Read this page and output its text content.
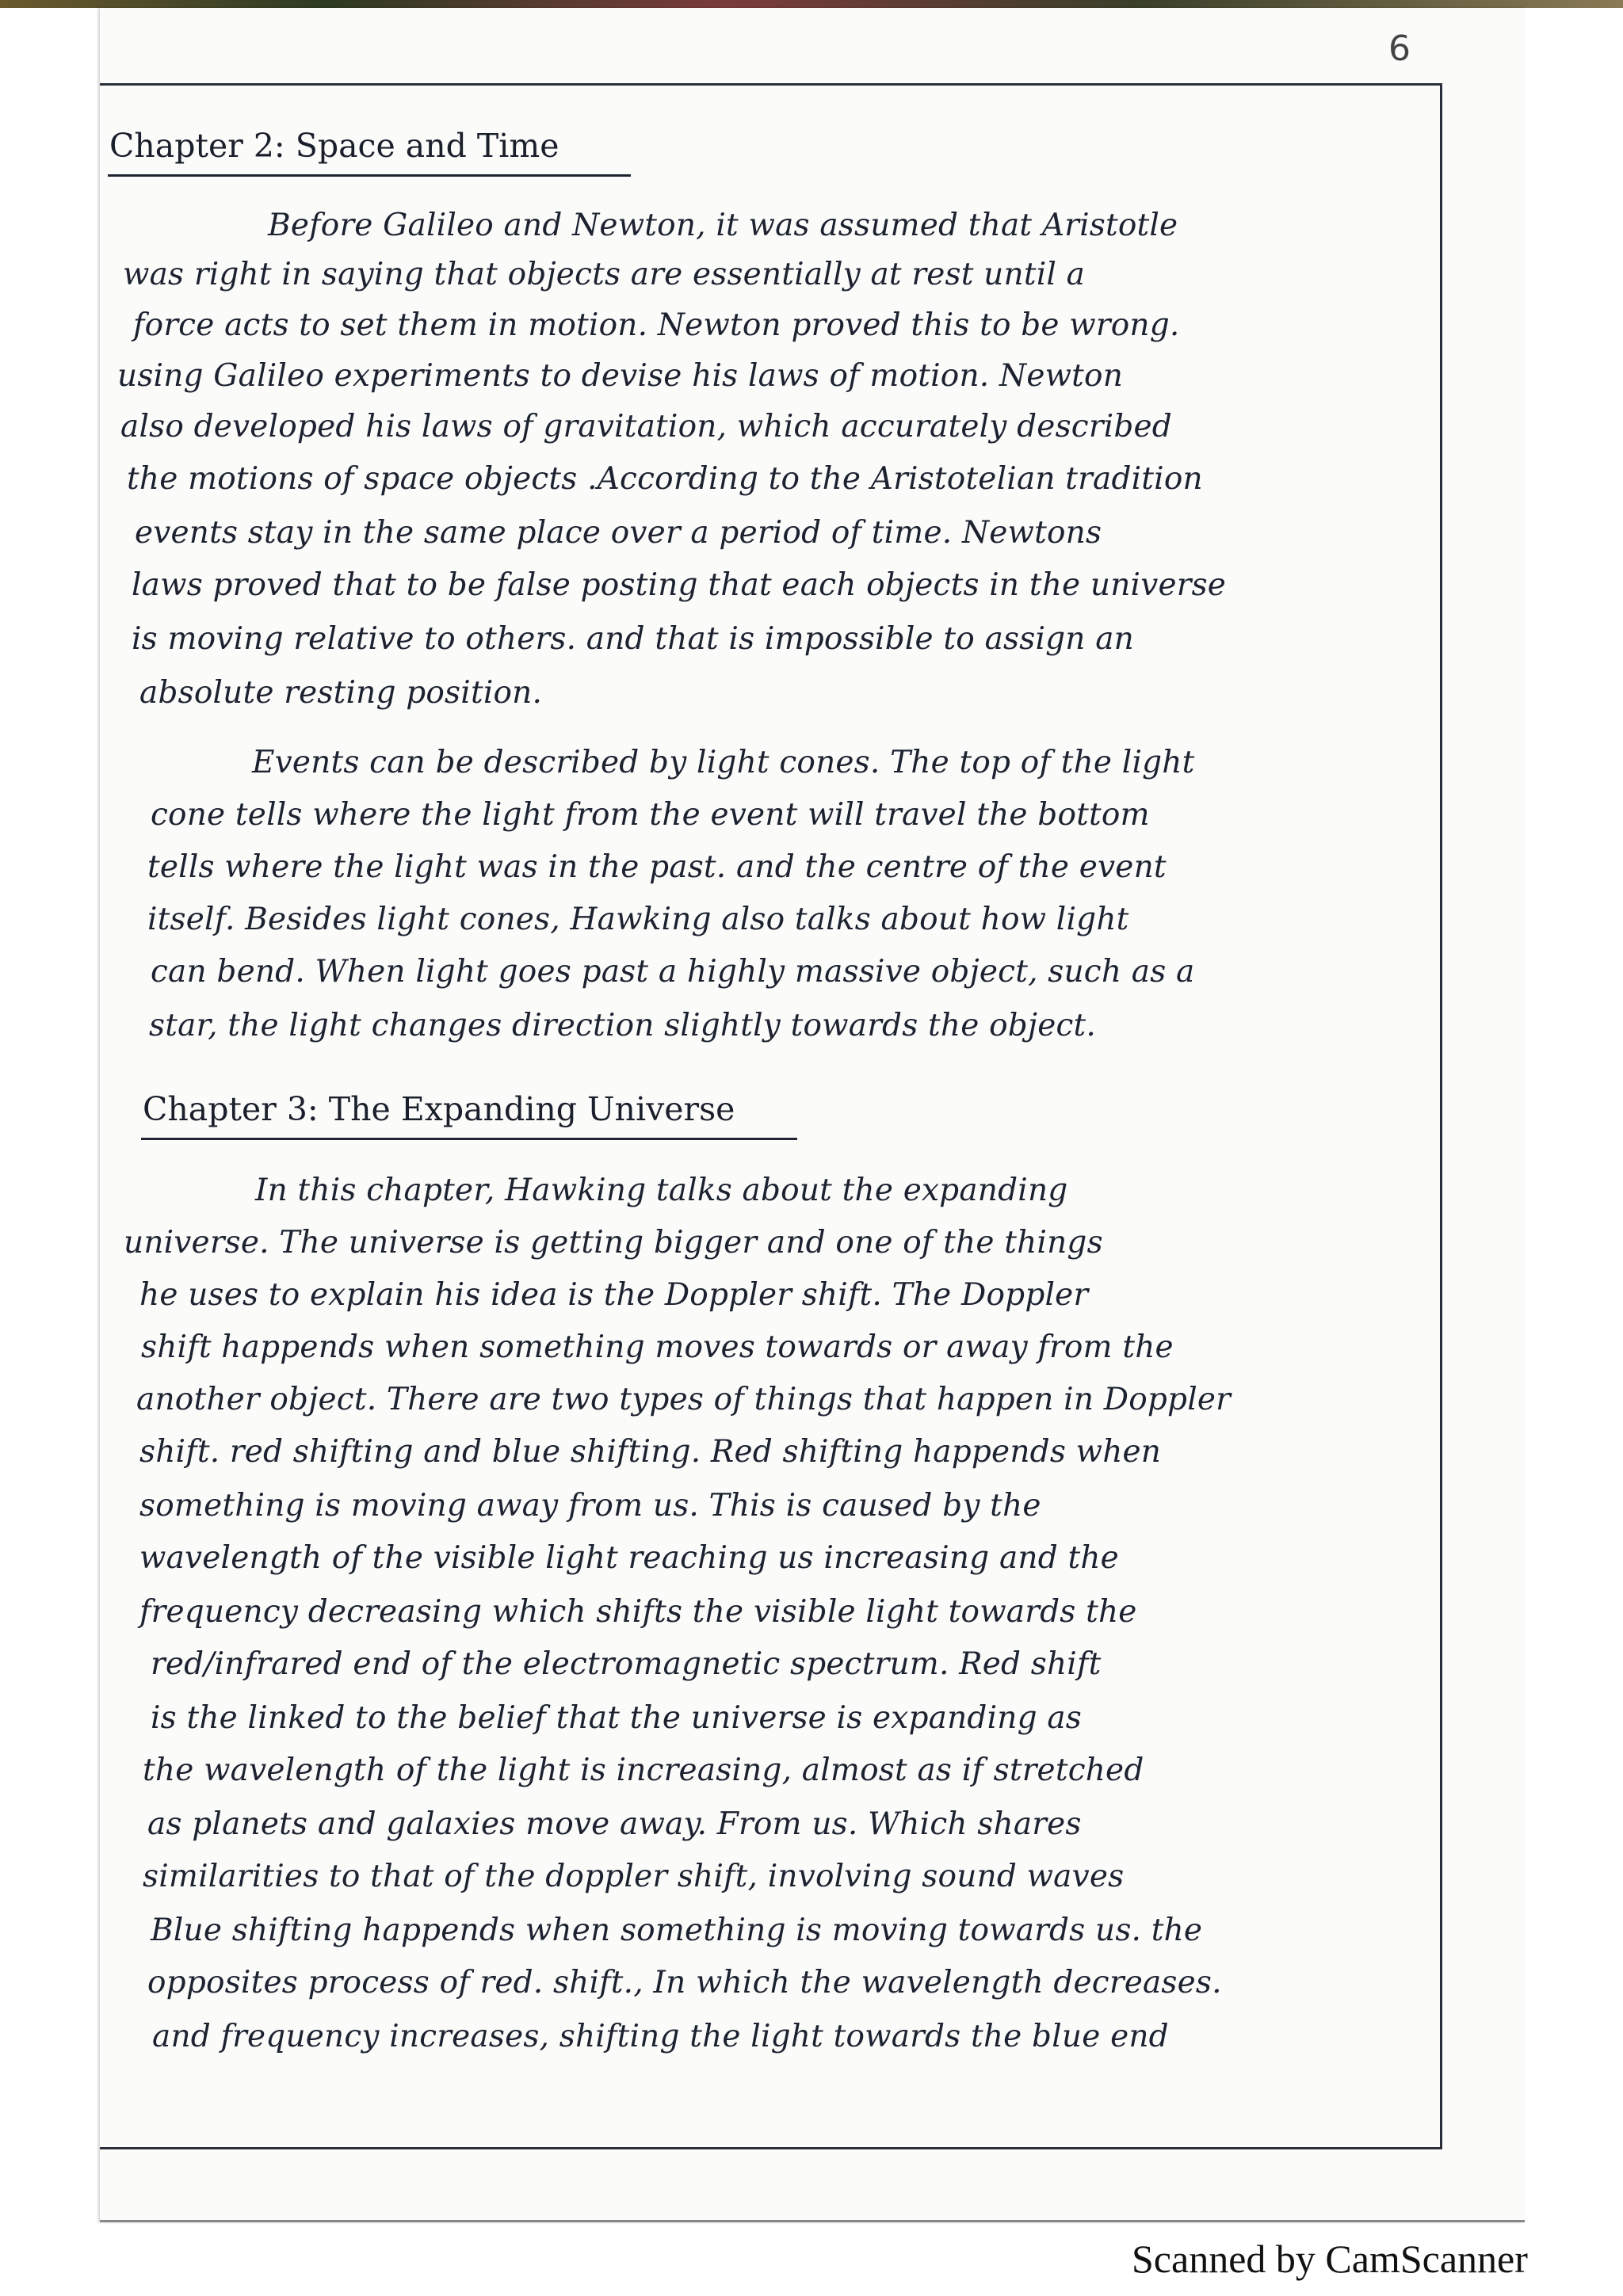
6
Chapter 2: Space and Time
Before Galileo and Newton, it was assumed that Aristotle
was right in saying that objects are essentially at rest until a
force acts to set them in motion. Newton proved this to be wrong.
using Galileo experiments to devise his laws of motion. Newton
also developed his laws of gravitation, which accurately described
the motions of space objects .According to the Aristotelian tradition
events stay in the same place over a period of time. Newtons
laws proved that to be false posting that each objects in the universe
is moving relative to others. and that is impossible to assign an
absolute resting position.
Events can be described by light cones. The top of the light
cone tells where the light from the event will travel the bottom
tells where the light was in the past. and the centre of the event
itself. Besides light cones, Hawking also talks about how light
can bend. When light goes past a highly massive object, such as a
star, the light changes direction slightly towards the object.
Chapter 3: The Expanding Universe
In this chapter, Hawking talks about the expanding
universe. The universe is getting bigger and one of the things
he uses to explain his idea is the Doppler shift. The Doppler
shift happends when something moves towards or away from the
another object. There are two types of things that happen in Doppler
shift. red shifting and blue shifting. Red shifting happends when
something is moving away from us. This is caused by the
wavelength of the visible light reaching us increasing and the
frequency decreasing which shifts the visible light towards the
red/infrared end of the electromagnetic spectrum. Red shift
is the linked to the belief that the universe is expanding as
the wavelength of the light is increasing, almost as if stretched
as planets and galaxies move away. From us. Which shares
similarities to that of the doppler shift, involving sound waves
Blue shifting happends when something is moving towards us. the
opposites process of red. shift., In which the wavelength decreases.
and frequency increases, shifting the light towards the blue end
Scanned by CamScanner
